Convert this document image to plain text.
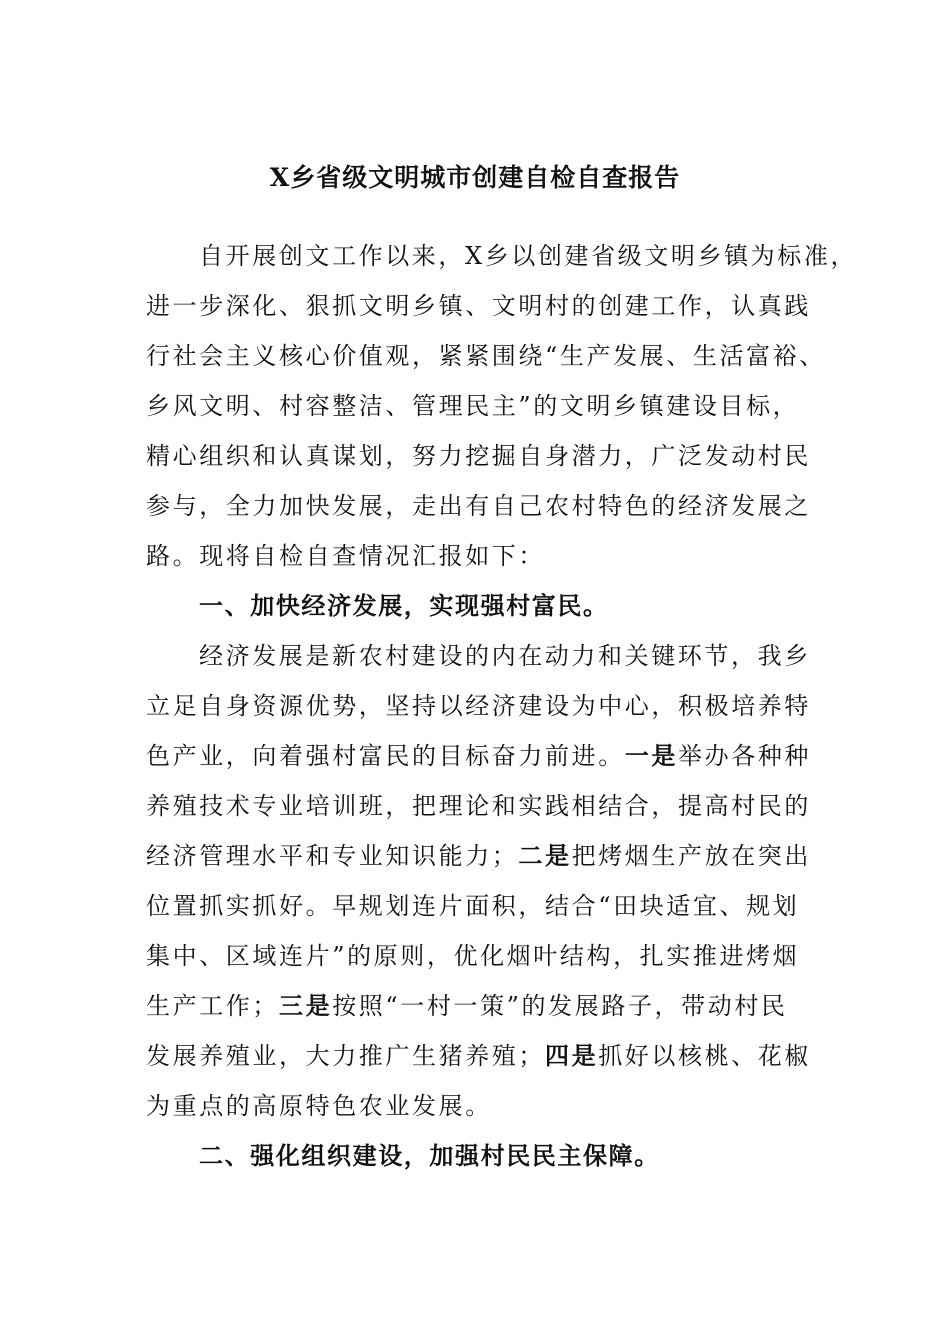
X乡省级文明城市创建自检自查报告

自开展创文工作以来，X乡以创建省级文明乡镇为标准，

进一步深化、狠抓文明乡镇、文明村的创建工作，认真践

行社会主义核心价值观，紧紧围绕“生产发展、生活富裕、

乡风文明、村容整洁、管理民主”的文明乡镇建设目标，

精心组织和认真谋划，努力挖掘自身潜力，广泛发动村民

参与，全力加快发展，走出有自己农村特色的经济发展之

路。现将自检自查情况汇报如下：

一、加快经济发展，实现强村富民。

经济发展是新农村建设的内在动力和关键环节，我乡

立足自身资源优势，坚持以经济建设为中心，积极培养特

色产业，向着强村富民的目标奋力前进。一是举办各种种

养殖技术专业培训班，把理论和实践相结合，提高村民的

经济管理水平和专业知识能力；二是把烤烟生产放在突出

位置抓实抓好。早规划连片面积，结合“田块适宜、规划

集中、区域连片”的原则，优化烟叶结构，扎实推进烤烟

生产工作；三是按照“一村一策”的发展路子，带动村民

发展养殖业，大力推广生猪养殖；四是抓好以核桃、花椒

为重点的高原特色农业发展。

二、强化组织建设，加强村民民主保障。
